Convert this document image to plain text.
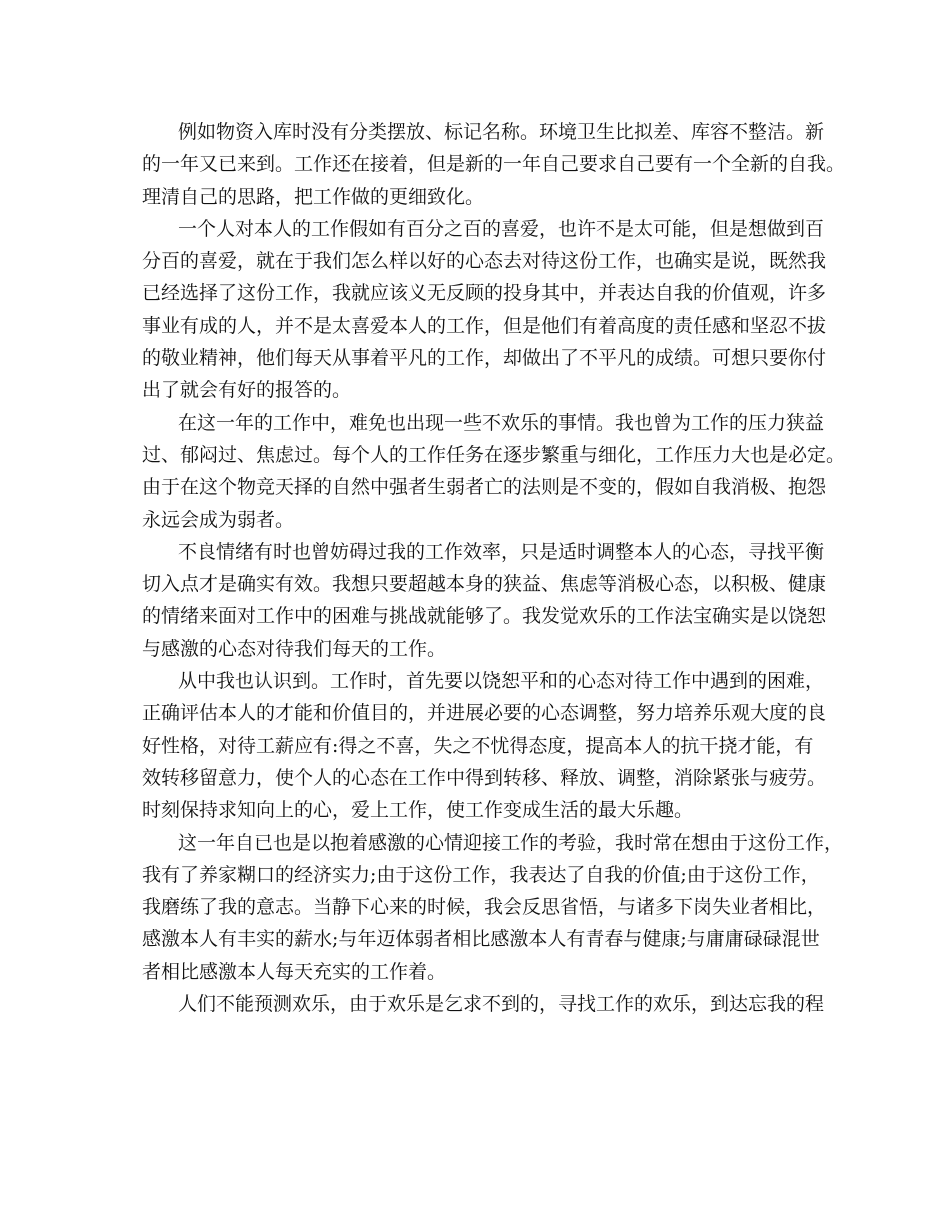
例如物资入库时没有分类摆放、标记名称。环境卫生比拟差、库容不整洁。新
的一年又已来到。工作还在接着，但是新的一年自己要求自己要有一个全新的自我。
理清自己的思路，把工作做的更细致化。
一个人对本人的工作假如有百分之百的喜爱，也许不是太可能，但是想做到百
分百的喜爱，就在于我们怎么样以好的心态去对待这份工作，也确实是说，既然我
已经选择了这份工作，我就应该义无反顾的投身其中，并表达自我的价值观，许多
事业有成的人，并不是太喜爱本人的工作，但是他们有着高度的责任感和坚忍不拔
的敬业精神，他们每天从事着平凡的工作，却做出了不平凡的成绩。可想只要你付
出了就会有好的报答的。
在这一年的工作中，难免也出现一些不欢乐的事情。我也曾为工作的压力狭益
过、郁闷过、焦虑过。每个人的工作任务在逐步繁重与细化，工作压力大也是必定。
由于在这个物竞天择的自然中强者生弱者亡的法则是不变的，假如自我消极、抱怨
永远会成为弱者。
不良情绪有时也曾妨碍过我的工作效率，只是适时调整本人的心态，寻找平衡
切入点才是确实有效。我想只要超越本身的狭益、焦虑等消极心态，以积极、健康
的情绪来面对工作中的困难与挑战就能够了。我发觉欢乐的工作法宝确实是以饶恕
与感激的心态对待我们每天的工作。
从中我也认识到。工作时，首先要以饶恕平和的心态对待工作中遇到的困难，
正确评估本人的才能和价值目的，并进展必要的心态调整，努力培养乐观大度的良
好性格，对待工薪应有:得之不喜，失之不忧得态度，提高本人的抗干挠才能，有
效转移留意力，使个人的心态在工作中得到转移、释放、调整，消除紧张与疲劳。
时刻保持求知向上的心，爱上工作，使工作变成生活的最大乐趣。
这一年自已也是以抱着感激的心情迎接工作的考验，我时常在想由于这份工作，
我有了养家糊口的经济实力;由于这份工作，我表达了自我的价值;由于这份工作，
我磨练了我的意志。当静下心来的时候，我会反思省悟，与诸多下岗失业者相比，
感激本人有丰实的薪水;与年迈体弱者相比感激本人有青春与健康;与庸庸碌碌混世
者相比感激本人每天充实的工作着。
人们不能预测欢乐，由于欢乐是乞求不到的，寻找工作的欢乐，到达忘我的程
